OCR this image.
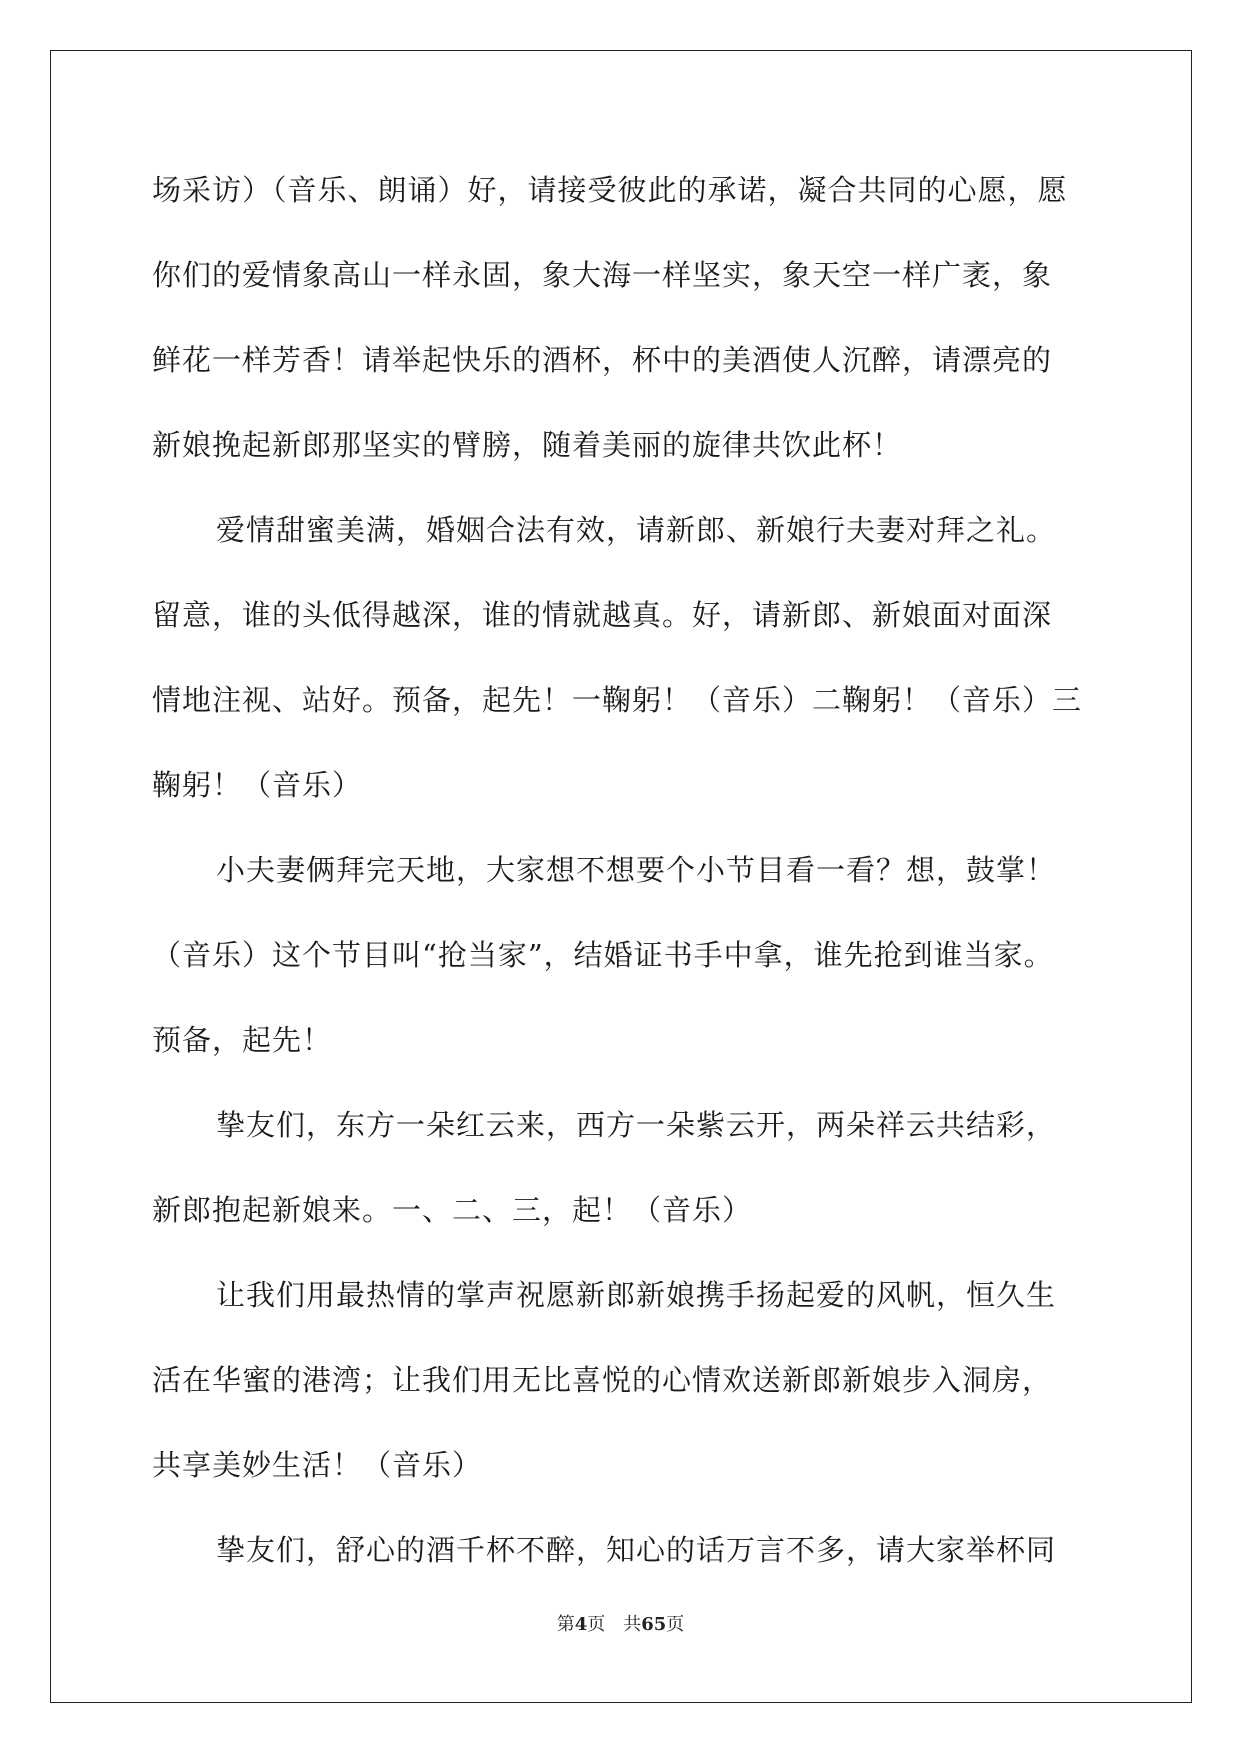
场采访）（音乐、朗诵）好，请接受彼此的承诺，凝合共同的心愿，愿
你们的爱情象高山一样永固，象大海一样坚实，象天空一样广袤，象
鲜花一样芳香！请举起快乐的酒杯，杯中的美酒使人沉醉，请漂亮的
新娘挽起新郎那坚实的臂膀，随着美丽的旋律共饮此杯！
爱情甜蜜美满，婚姻合法有效，请新郎、新娘行夫妻对拜之礼。
留意，谁的头低得越深，谁的情就越真。好，请新郎、新娘面对面深
情地注视、站好。预备，起先！一鞠躬！（音乐）二鞠躬！（音乐）三
鞠躬！（音乐）
小夫妻俩拜完天地，大家想不想要个小节目看一看？想，鼓掌！
（音乐）这个节目叫“抢当家”，结婚证书手中拿，谁先抢到谁当家。
预备，起先！
挚友们，东方一朵红云来，西方一朵紫云开，两朵祥云共结彩，
新郎抱起新娘来。一、二、三，起！（音乐）
让我们用最热情的掌声祝愿新郎新娘携手扬起爱的风帆，恒久生
活在华蜜的港湾；让我们用无比喜悦的心情欢送新郎新娘步入洞房，
共享美妙生活！（音乐）
挚友们，舒心的酒千杯不醉，知心的话万言不多，请大家举杯同
第4页 共65页
